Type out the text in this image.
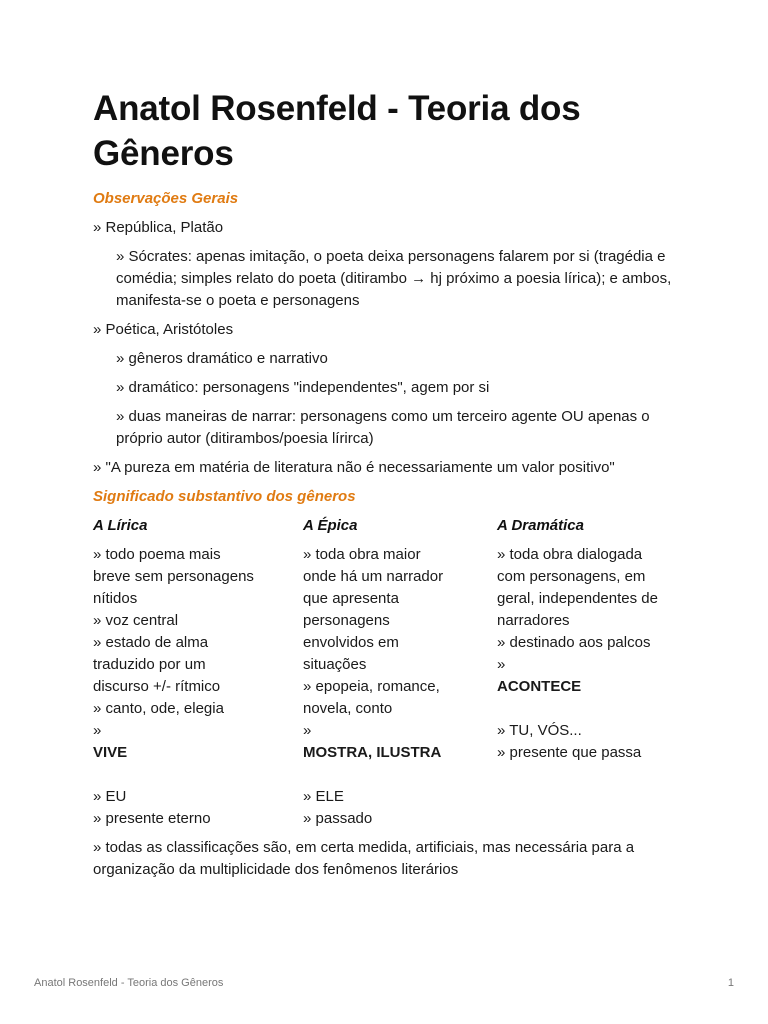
Anatol Rosenfeld - Teoria dos Gêneros
Observações Gerais
» República, Platão
» Sócrates: apenas imitação, o poeta deixa personagens falarem por si (tragédia e comédia; simples relato do poeta (ditirambo → hj próximo a poesia lírica); e ambos, manifesta-se o poeta e personagens
» Poética, Aristótoles
» gêneros dramático e narrativo
» dramático: personagens "independentes", agem por si
» duas maneiras de narrar: personagens como um terceiro agente OU apenas o próprio autor (ditirambos/poesia lírirca)
» "A pureza em matéria de literatura não é necessariamente um valor positivo"
Significado substantivo dos gêneros
A Lírica
» todo poema mais
breve sem personagens
nítidos
» voz central
» estado de alma
traduzido por um
discurso +/- rítmico
» canto, ode, elegia
»
VIVE
» EU
» presente eterno
A Épica
» toda obra maior
onde há um narrador
que apresenta
personagens
envolvidos em
situações
» epopeia, romance,
novela, conto
»
MOSTRA, ILUSTRA
» ELE
» passado
A Dramática
» toda obra dialogada
com personagens, em
geral, independentes de
narradores
» destinado aos palcos
»
ACONTECE
» TU, VÓS...
» presente que passa
» todas as classificações são, em certa medida, artificiais, mas necessária para a organização da multiplicidade dos fenômenos literários
Anatol Rosenfeld - Teoria dos Gêneros	1
